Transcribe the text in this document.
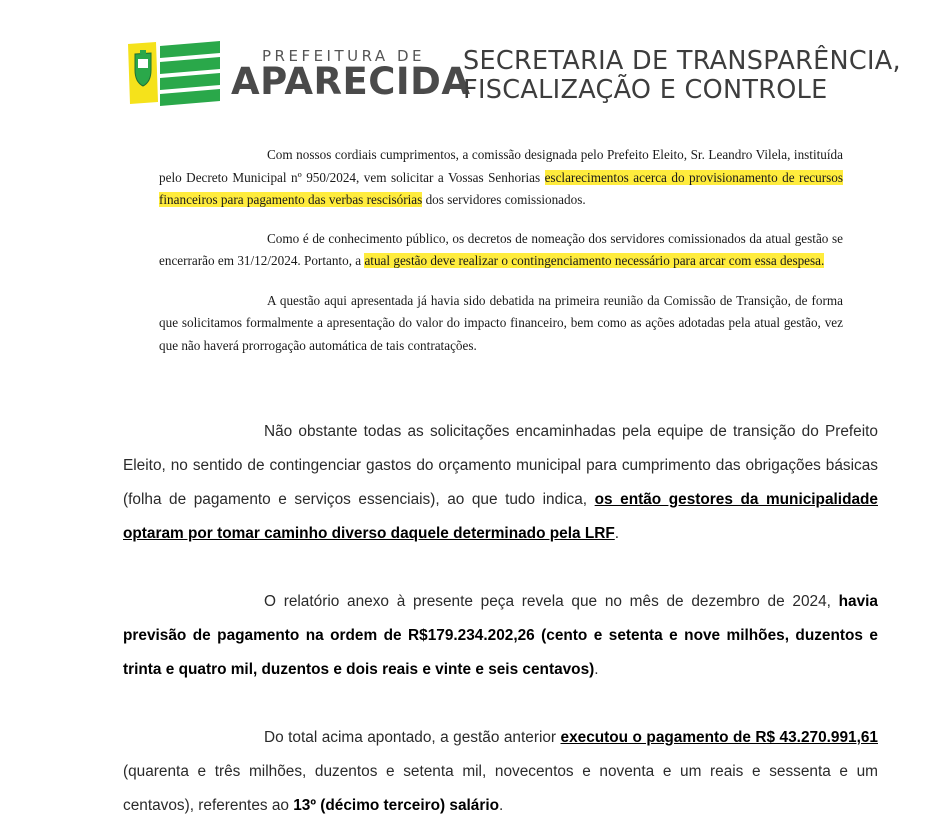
PREFEITURA DE
APARECIDA
SECRETARIA DE TRANSPARÊNCIA,
FISCALIZAÇÃO E CONTROLE

Com nossos cordiais cumprimentos, a comissão designada pelo Prefeito Eleito, Sr. Leandro Vilela, instituída pelo Decreto Municipal nº 950/2024, vem solicitar a Vossas Senhorias esclarecimentos acerca do provisionamento de recursos financeiros para pagamento das verbas rescisórias dos servidores comissionados.

Como é de conhecimento público, os decretos de nomeação dos servidores comissionados da atual gestão se encerrarão em 31/12/2024. Portanto, a atual gestão deve realizar o contingenciamento necessário para arcar com essa despesa.

A questão aqui apresentada já havia sido debatida na primeira reunião da Comissão de Transição, de forma que solicitamos formalmente a apresentação do valor do impacto financeiro, bem como as ações adotadas pela atual gestão, vez que não haverá prorrogação automática de tais contratações.

Não obstante todas as solicitações encaminhadas pela equipe de transição do Prefeito Eleito, no sentido de contingenciar gastos do orçamento municipal para cumprimento das obrigações básicas (folha de pagamento e serviços essenciais), ao que tudo indica, os então gestores da municipalidade optaram por tomar caminho diverso daquele determinado pela LRF.

O relatório anexo à presente peça revela que no mês de dezembro de 2024, havia previsão de pagamento na ordem de R$179.234.202,26 (cento e setenta e nove milhões, duzentos e trinta e quatro mil, duzentos e dois reais e vinte e seis centavos).

Do total acima apontado, a gestão anterior executou o pagamento de R$ 43.270.991,61 (quarenta e três milhões, duzentos e setenta mil, novecentos e noventa e um reais e sessenta e um centavos), referentes ao 13º (décimo terceiro) salário.
